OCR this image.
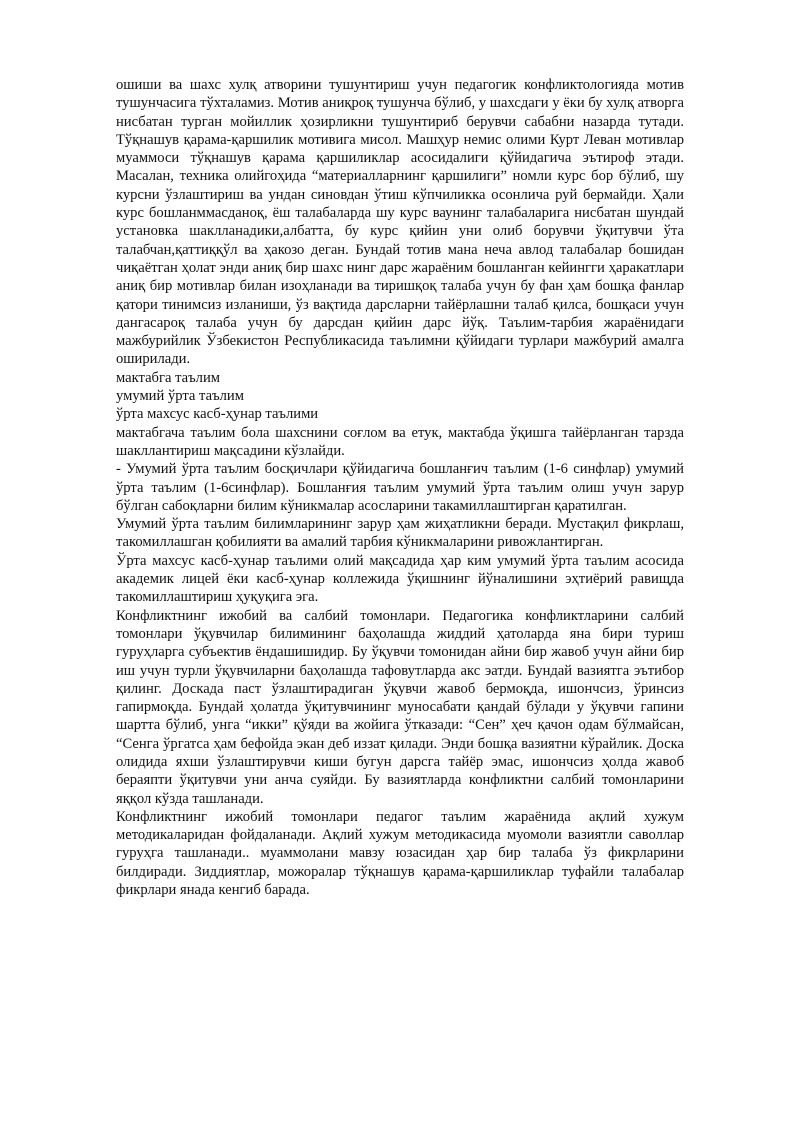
ошиши ва шахс хулқ атворини тушунтириш учун педагогик конфликтологияда мотив тушунчасига тўхталамиз. Мотив аниқроқ тушунча бўлиб, у шахсдаги у ёки бу хулқ атворга нисбатан турган мойиллик ҳозирликни тушунтириб берувчи сабабни назарда тутади. Тўқнашув қарама-қаршилик мотивига мисол. Машҳур немис олими Курт Леван мотивлар муаммоси тўқнашув қарама қаршиликлар асосидалиги қўйидагича эътироф этади. Масалан, техника олийгоҳида “материалларнинг қаршилиги” номли курс бор бўлиб, шу курсни ўзлаштириш ва ундан синовдан ўтиш кўпчиликка осонлича руй бермайди. Ҳали курс бошланммасданоқ, ёш талабаларда шу курс ваунинг талабаларига нисбатан шундай установка шаклланадики,албатта, бу курс қийин уни олиб борувчи ўқитувчи ўта талабчан,қаттиққўл ва ҳакозо деган. Бундай тотив мана неча авлод талабалар бошидан чиқаётган ҳолат энди аниқ бир шахс нинг дарс жараёним бошланган кейингги ҳаракатлари аниқ бир мотивлар билан изоҳланади ва тиришқоқ талаба учун бу фан ҳам бошқа фанлар қатори тинимсиз изланиши, ўз вақтида дарсларни тайёрлашни талаб қилса, бошқаси учун дангасароқ талаба учун бу дарсдан қийин дарс йўқ. Таълим-тарбия жараёнидаги мажбурийлик Ўзбекистон Республикасида таълимни қўйидаги турлари мажбурий амалга оширилади.

мактабга таълим

умумий ўрта таълим

ўрта махсус касб-ҳунар таълими

мактабгача таълим бола шахснини соғлом ва етук, мактабда ўқишга тайёрланган тарзда шакллантириш мақсадини кўзлайди.

- Умумий ўрта таълим босқичлари қўйидагича бошланғич таълим (1-6 синфлар) умумий ўрта таълим (1-6синфлар). Бошланғия таълим умумий ўрта таълим олиш учун зарур бўлган сабоқларни билим кўникмалар асосларини такамиллаштирган қаратилган.

Умумий ўрта таълим билимларининг зарур ҳам жиҳатликни беради. Мустақил фикрлаш, такомиллашган қобилияти ва амалий тарбия кўникмаларини ривожлантирган.

Ўрта махсус касб-ҳунар таълими олий мақсадида ҳар ким умумий ўрта таълим асосида академик лицей ёки касб-ҳунар коллежида ўқишнинг йўналишини эҳтиёрий равищда такомиллаштириш ҳуқуқига эга.

Конфликтнинг ижобий ва салбий томонлари. Педагогика конфликтларини салбий томонлари ўқувчилар билимининг баҳолашда жиддий ҳатоларда яна бири туриш гуруҳларга субъектив ёндашишидир. Бу ўқувчи томонидан айни бир жавоб учун айни бир иш учун турли ўқувчиларни баҳолашда тафовутларда акс эатди. Бундай вазиятга эътибор қилинг. Доскада паст ўзлаштирадиган ўқувчи жавоб бермоқда, ишончсиз, ўринсиз гапирмоқда. Бундай ҳолатда ўқитувчининг муносабати қандай бўлади у ўқувчи гапини шартта бўлиб, унга “икки” қўяди ва жойига ўтказади: “Сен” ҳеч қачон одам бўлмайсан, “Сенга ўргатса ҳам бефойда экан деб иззат қилади. Энди бошқа вазиятни кўрайлик. Доска олидида яхши ўзлаштирувчи киши бугун дарсга тайёр эмас, ишончсиз ҳолда жавоб бераяпти ўқитувчи уни анча суяйди. Бу вазиятларда конфликтни салбий томонларини яққол кўзда ташланади.

Конфликтнинг ижобий томонлари педагог таълим жараёнида ақлий хужум методикаларидан фойдаланади. Ақлий хужум методикасида муомоли вазиятли саволлар гуруҳга ташланади.. муаммолани мавзу юзасидан ҳар бир талаба ўз фикрларини билдиради. Зиддиятлар, можоралар тўқнашув қарама-қаршиликлар туфайли талабалар фикрлари янада кенгиб барада.
